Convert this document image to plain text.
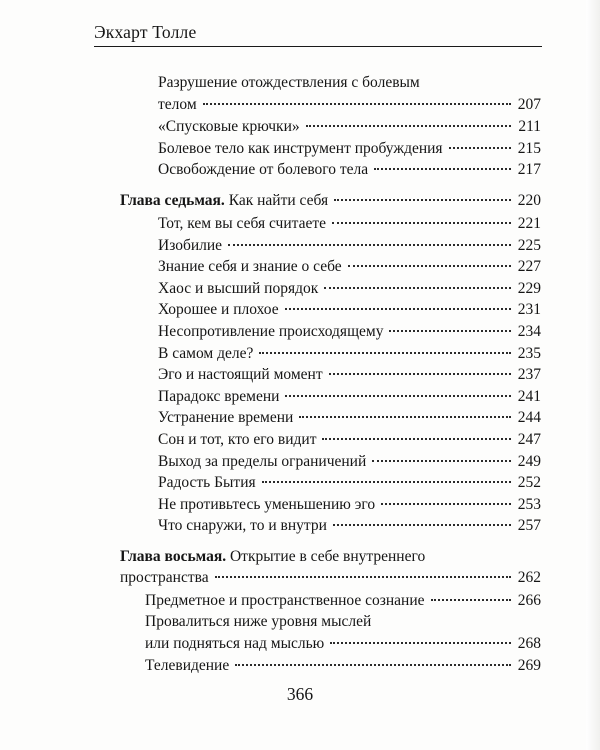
Экхарт Толле
Разрушение отождествления с болевым
телом	207
«Спусковые крючки»	211
Болевое тело как инструмент пробуждения	215
Освобождение от болевого тела	217
Глава седьмая. Как найти себя	220
Тот, кем вы себя считаете	221
Изобилие	225
Знание себя и знание о себе	227
Хаос и высший порядок	229
Хорошее и плохое	231
Несопротивление происходящему	234
В самом деле?	235
Эго и настоящий момент	237
Парадокс времени	241
Устранение времени	244
Сон и тот, кто его видит	247
Выход за пределы ограничений	249
Радость Бытия	252
Не противьтесь уменьшению эго	253
Что снаружи, то и внутри	257
Глава восьмая. Открытие в себе внутреннего
пространства	262
Предметное и пространственное сознание	266
Провалиться ниже уровня мыслей
или подняться над мыслью	268
Телевидение	269
366
